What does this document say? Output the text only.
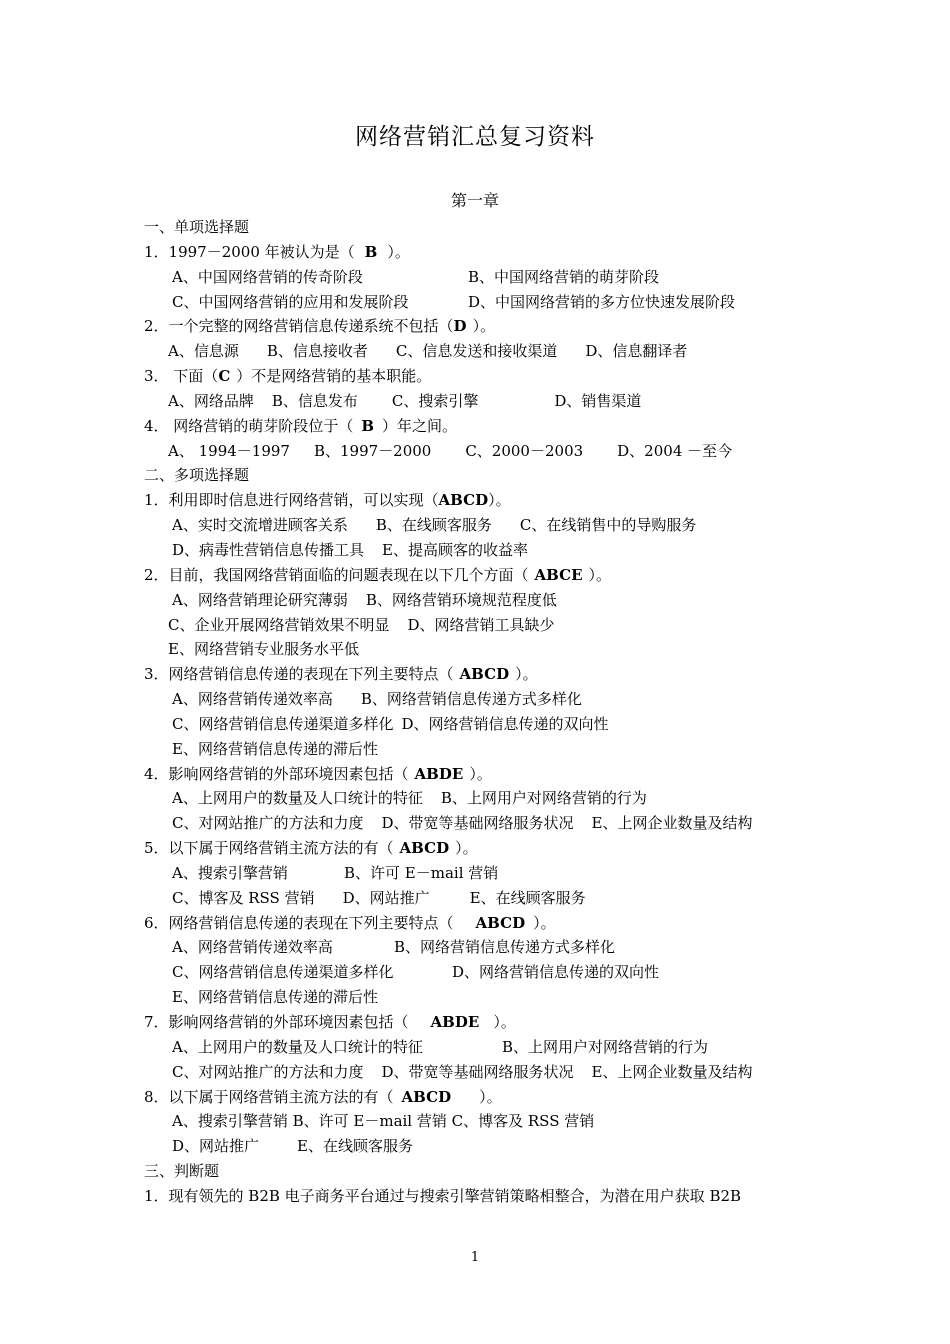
网络营销汇总复习资料
第一章
一、单项选择题
1．1997－2000 年被认为是（ B ）。
A、中国网络营销的传奇阶段	B、中国网络营销的萌芽阶段
C、中国网络营销的应用和发展阶段	D、中国网络营销的多方位快速发展阶段
2．一个完整的网络营销信息传递系统不包括（D ）。
A、信息源 B、信息接收者 C、信息发送和接收渠道 D、信息翻译者
3． 下面（C ）不是网络营销的基本职能。
A、网络品牌 B、信息发布 C、搜索引擎	D、销售渠道
4． 网络营销的萌芽阶段位于（ B ）年之间。
A、 1994－1997 B、1997－2000 C、2000－2003 D、2004 －至今
二、多项选择题
1．利用即时信息进行网络营销，可以实现（ABCD）。
A、实时交流增进顾客关系 B、在线顾客服务 C、在线销售中的导购服务
D、病毒性营销信息传播工具 E、提高顾客的收益率
2．目前，我国网络营销面临的问题表现在以下几个方面（ ABCE ）。
A、网络营销理论研究薄弱 B、网络营销环境规范程度低
C、企业开展网络营销效果不明显 D、网络营销工具缺少
E、网络营销专业服务水平低
3．网络营销信息传递的表现在下列主要特点（ ABCD ）。
A、网络营销传递效率高 B、网络营销信息传递方式多样化
C、网络营销信息传递渠道多样化 D、网络营销信息传递的双向性
E、网络营销信息传递的滞后性
4．影响网络营销的外部环境因素包括（ ABDE ）。
A、上网用户的数量及人口统计的特征 B、上网用户对网络营销的行为
C、对网站推广的方法和力度 D、带宽等基础网络服务状况 E、上网企业数量及结构
5．以下属于网络营销主流方法的有（ ABCD ）。
A、搜索引擎营销	B、许可 E－mail 营销
C、博客及 RSS 营销 D、网站推广	E、在线顾客服务
6．网络营销信息传递的表现在下列主要特点（ ABCD ）。
A、网络营销传递效率高	B、网络营销信息传递方式多样化
C、网络营销信息传递渠道多样化	D、网络营销信息传递的双向性
E、网络营销信息传递的滞后性
7．影响网络营销的外部环境因素包括（ ABDE ）。
A、上网用户的数量及人口统计的特征	B、上网用户对网络营销的行为
C、对网站推广的方法和力度 D、带宽等基础网络服务状况 E、上网企业数量及结构
8．以下属于网络营销主流方法的有（ ABCD ）。
A、搜索引擎营销 B、许可 E－mail 营销 C、博客及 RSS 营销
D、网站推广	E、在线顾客服务
三、判断题
1．现有领先的 B2B 电子商务平台通过与搜索引擎营销策略相整合，为潜在用户获取 B2B
1
